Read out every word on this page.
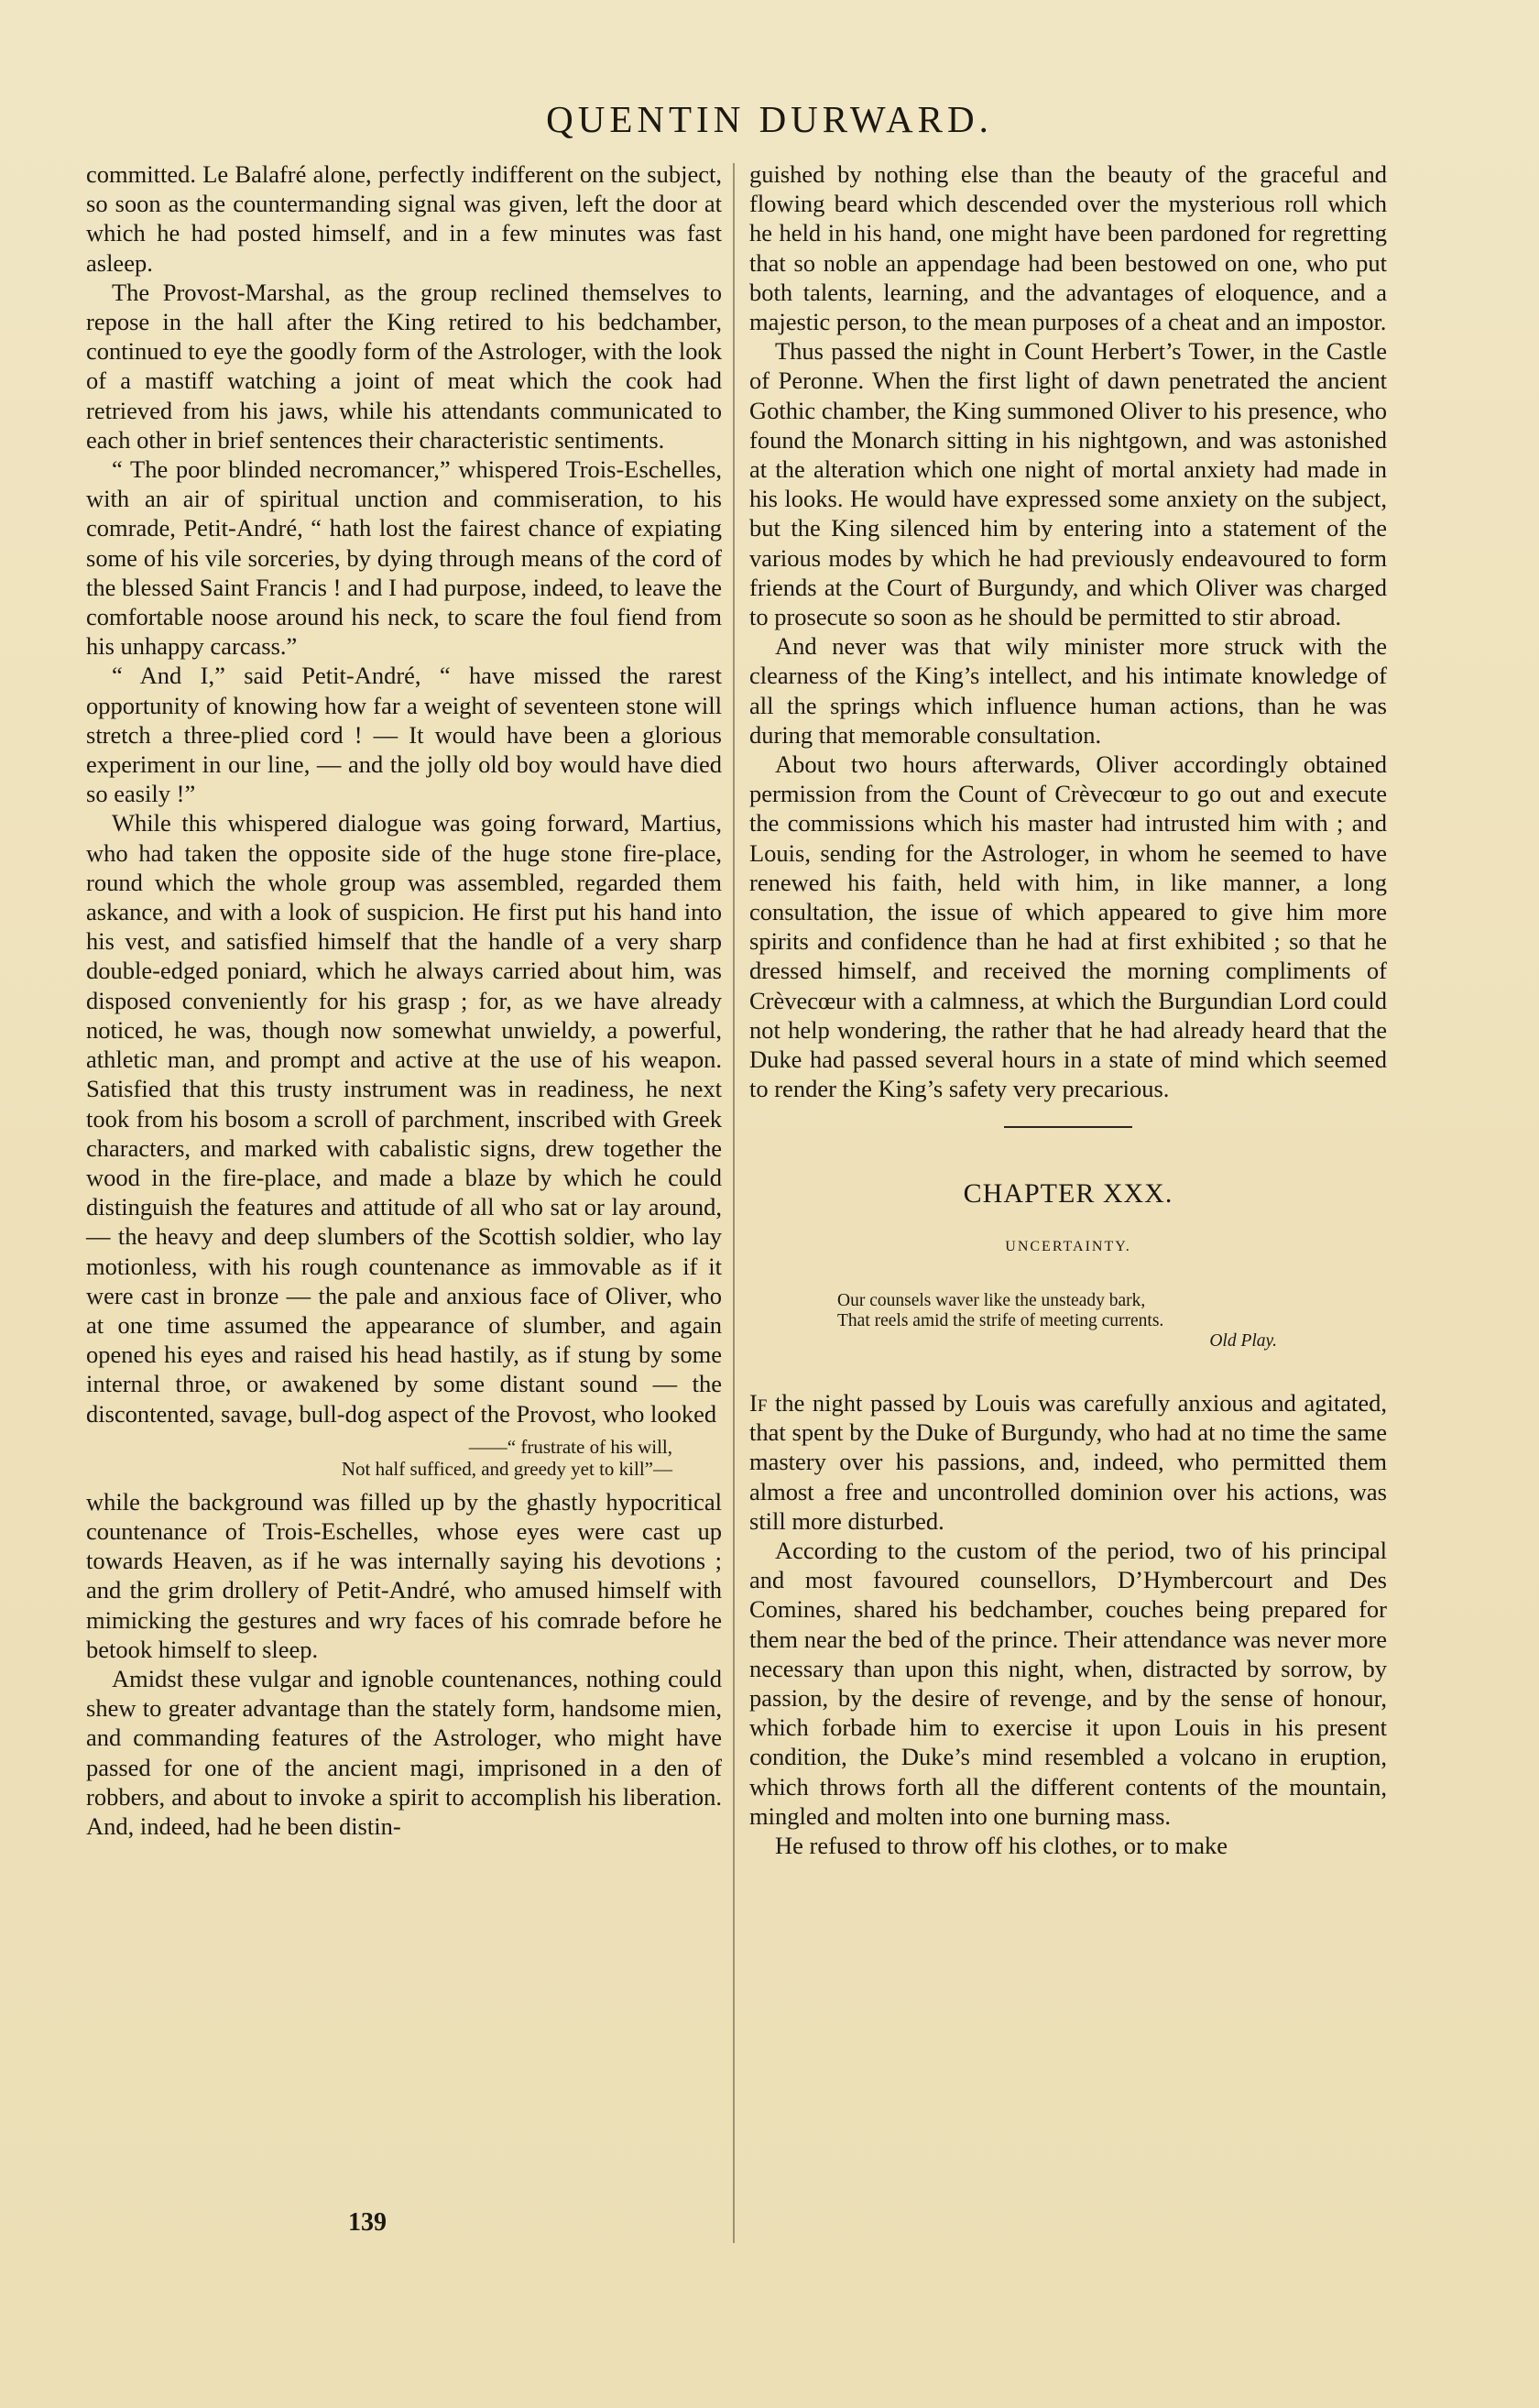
QUENTIN DURWARD.

committed. Le Balafré alone, perfectly indifferent on the subject, so soon as the countermanding signal was given, left the door at which he had posted himself, and in a few minutes was fast asleep.

The Provost-Marshal, as the group reclined themselves to repose in the hall after the King retired to his bedchamber, continued to eye the goodly form of the Astrologer, with the look of a mastiff watching a joint of meat which the cook had retrieved from his jaws, while his attendants communicated to each other in brief sentences their characteristic sentiments.

“ The poor blinded necromancer,” whispered Trois-Eschelles, with an air of spiritual unction and commiseration, to his comrade, Petit-André, “ hath lost the fairest chance of expiating some of his vile sorceries, by dying through means of the cord of the blessed Saint Francis ! and I had purpose, indeed, to leave the comfortable noose around his neck, to scare the foul fiend from his unhappy carcass.”

“ And I,” said Petit-André, “ have missed the rarest opportunity of knowing how far a weight of seventeen stone will stretch a three-plied cord ! — It would have been a glorious experiment in our line, — and the jolly old boy would have died so easily !”

While this whispered dialogue was going forward, Martius, who had taken the opposite side of the huge stone fire-place, round which the whole group was assembled, regarded them askance, and with a look of suspicion. He first put his hand into his vest, and satisfied himself that the handle of a very sharp double-edged poniard, which he always carried about him, was disposed conveniently for his grasp ; for, as we have already noticed, he was, though now somewhat unwieldy, a powerful, athletic man, and prompt and active at the use of his weapon. Satisfied that this trusty instrument was in readiness, he next took from his bosom a scroll of parchment, inscribed with Greek characters, and marked with cabalistic signs, drew together the wood in the fire-place, and made a blaze by which he could distinguish the features and attitude of all who sat or lay around, — the heavy and deep slumbers of the Scottish soldier, who lay motionless, with his rough countenance as immovable as if it were cast in bronze — the pale and anxious face of Oliver, who at one time assumed the appearance of slumber, and again opened his eyes and raised his head hastily, as if stung by some internal throe, or awakened by some distant sound — the discontented, savage, bull-dog aspect of the Provost, who looked

——“ frustrate of his will,
Not half sufficed, and greedy yet to kill”—

while the background was filled up by the ghastly hypocritical countenance of Trois-Eschelles, whose eyes were cast up towards Heaven, as if he was internally saying his devotions ; and the grim drollery of Petit-André, who amused himself with mimicking the gestures and wry faces of his comrade before he betook himself to sleep.

Amidst these vulgar and ignoble countenances, nothing could shew to greater advantage than the stately form, handsome mien, and commanding features of the Astrologer, who might have passed for one of the ancient magi, imprisoned in a den of robbers, and about to invoke a spirit to accomplish his liberation. And, indeed, had he been distin-

guished by nothing else than the beauty of the graceful and flowing beard which descended over the mysterious roll which he held in his hand, one might have been pardoned for regretting that so noble an appendage had been bestowed on one, who put both talents, learning, and the advantages of eloquence, and a majestic person, to the mean purposes of a cheat and an impostor.

Thus passed the night in Count Herbert’s Tower, in the Castle of Peronne. When the first light of dawn penetrated the ancient Gothic chamber, the King summoned Oliver to his presence, who found the Monarch sitting in his nightgown, and was astonished at the alteration which one night of mortal anxiety had made in his looks. He would have expressed some anxiety on the subject, but the King silenced him by entering into a statement of the various modes by which he had previously endeavoured to form friends at the Court of Burgundy, and which Oliver was charged to prosecute so soon as he should be permitted to stir abroad.

And never was that wily minister more struck with the clearness of the King’s intellect, and his intimate knowledge of all the springs which influence human actions, than he was during that memorable consultation.

About two hours afterwards, Oliver accordingly obtained permission from the Count of Crèvecœur to go out and execute the commissions which his master had intrusted him with ; and Louis, sending for the Astrologer, in whom he seemed to have renewed his faith, held with him, in like manner, a long consultation, the issue of which appeared to give him more spirits and confidence than he had at first exhibited ; so that he dressed himself, and received the morning compliments of Crèvecœur with a calmness, at which the Burgundian Lord could not help wondering, the rather that he had already heard that the Duke had passed several hours in a state of mind which seemed to render the King’s safety very precarious.

CHAPTER XXX.
UNCERTAINTY.
Our counsels waver like the unsteady bark,
That reels amid the strife of meeting currents.
Old Play.

If the night passed by Louis was carefully anxious and agitated, that spent by the Duke of Burgundy, who had at no time the same mastery over his passions, and, indeed, who permitted them almost a free and uncontrolled dominion over his actions, was still more disturbed.

According to the custom of the period, two of his principal and most favoured counsellors, D’Hymbercourt and Des Comines, shared his bedchamber, couches being prepared for them near the bed of the prince. Their attendance was never more necessary than upon this night, when, distracted by sorrow, by passion, by the desire of revenge, and by the sense of honour, which forbade him to exercise it upon Louis in his present condition, the Duke’s mind resembled a volcano in eruption, which throws forth all the different contents of the mountain, mingled and molten into one burning mass.

He refused to throw off his clothes, or to make

139
